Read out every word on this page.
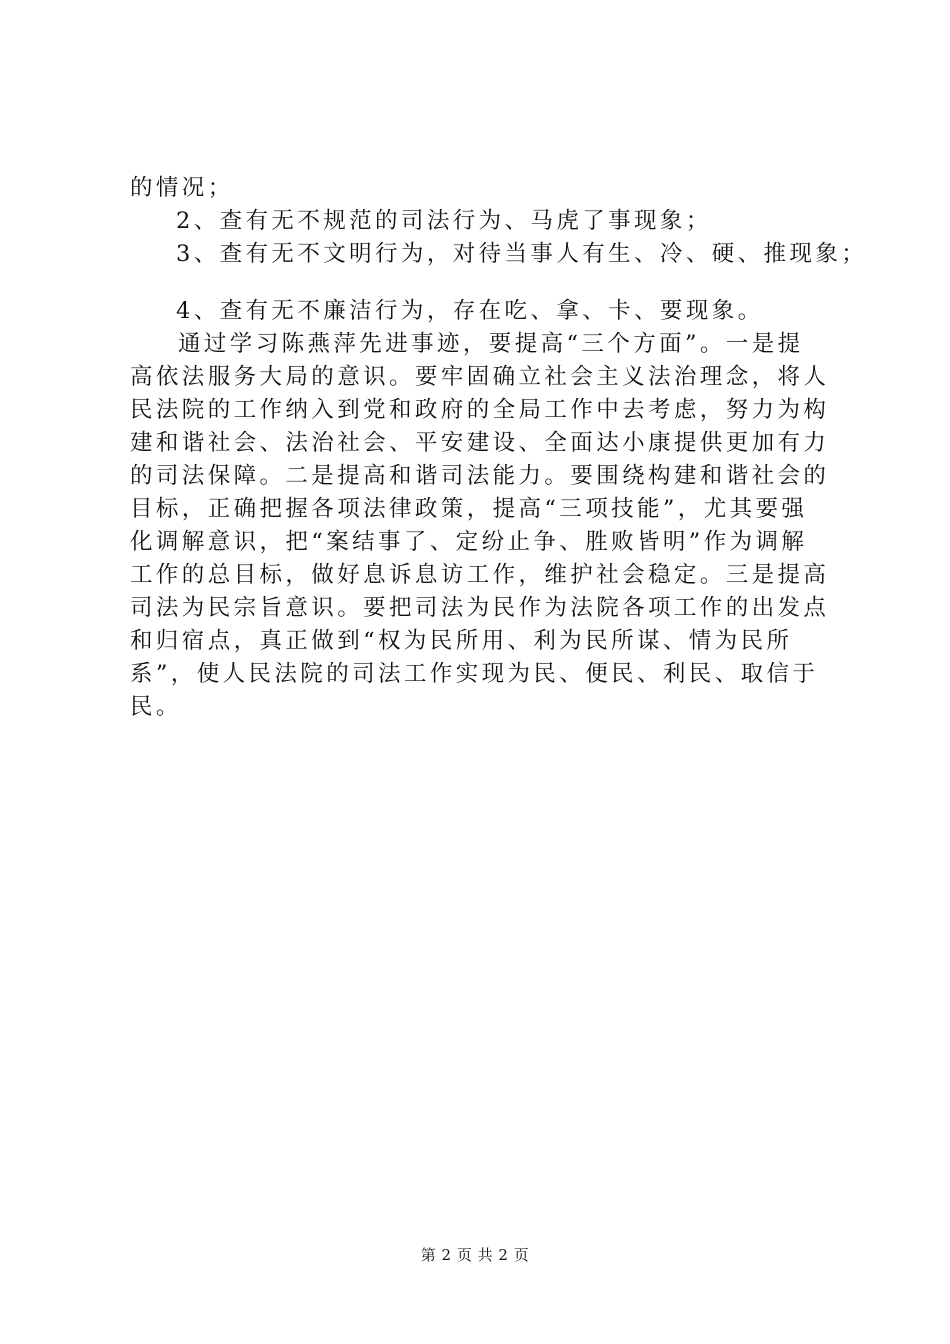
的情况；
2、查有无不规范的司法行为、马虎了事现象；
3、查有无不文明行为，对待当事人有生、冷、硬、推现象；
4、查有无不廉洁行为，存在吃、拿、卡、要现象。
通过学习陈燕萍先进事迹，要提高“三个方面”。一是提
高依法服务大局的意识。要牢固确立社会主义法治理念，将人
民法院的工作纳入到党和政府的全局工作中去考虑，努力为构
建和谐社会、法治社会、平安建设、全面达小康提供更加有力
的司法保障。二是提高和谐司法能力。要围绕构建和谐社会的
目标，正确把握各项法律政策，提高“三项技能”，尤其要强
化调解意识，把“案结事了、定纷止争、胜败皆明”作为调解
工作的总目标，做好息诉息访工作，维护社会稳定。三是提高
司法为民宗旨意识。要把司法为民作为法院各项工作的出发点
和归宿点，真正做到“权为民所用、利为民所谋、情为民所
系”，使人民法院的司法工作实现为民、便民、利民、取信于
民。
第 2 页 共 2 页
